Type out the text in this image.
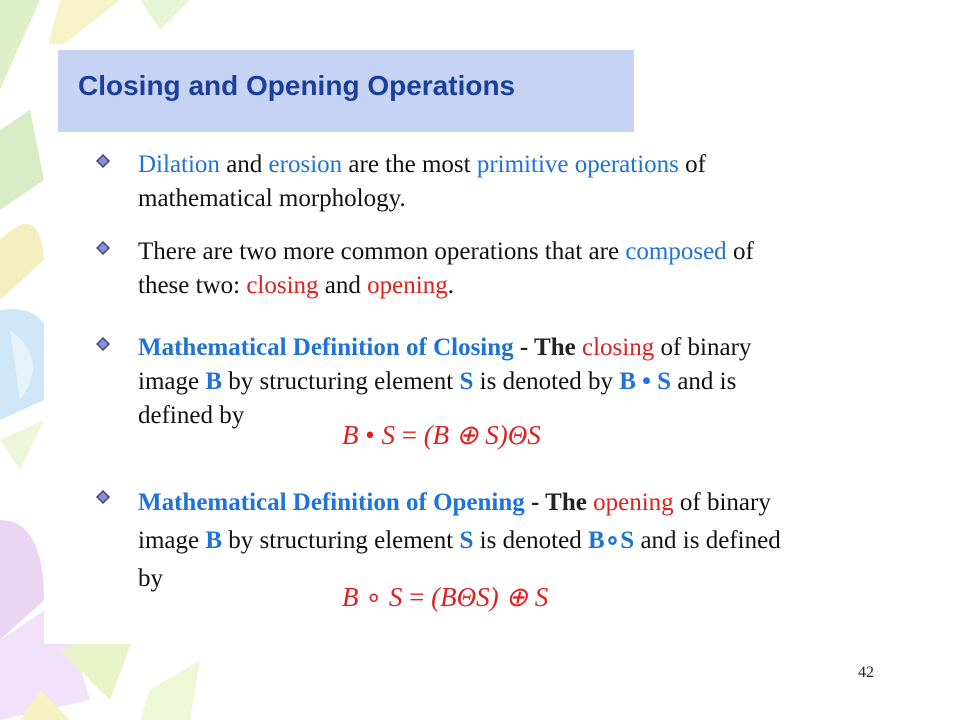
Closing and Opening Operations
Dilation and erosion are the most primitive operations of
mathematical morphology.
There are two more common operations that are composed of
these two: closing and opening.
Mathematical Definition of Closing - The closing of binary
image B by structuring element S is denoted by B • S and is
defined by
B • S = (B ⊕ S)ΘS
Mathematical Definition of Opening - The opening of binary
image B by structuring element S is denoted B∘S and is defined
by
B ∘ S = (BΘS) ⊕ S
42
